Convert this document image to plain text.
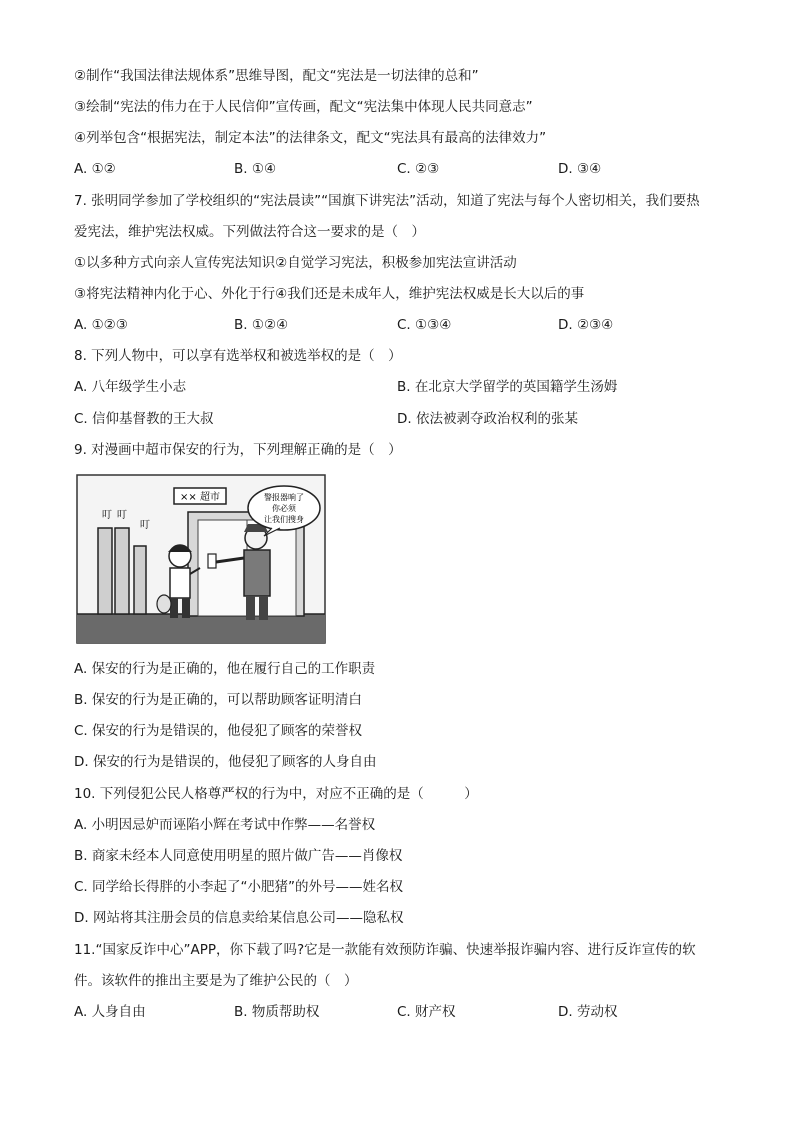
②制作“我国法律法规体系”思维导图，配文“宪法是一切法律的总和”
③绘制“宪法的伟力在于人民信仰”宣传画，配文“宪法集中体现人民共同意志”
④列举包含“根据宪法，制定本法”的法律条文，配文“宪法具有最高的法律效力”
A. ①②	B. ①④	C. ②③	D. ③④
7. 张明同学参加了学校组织的“宪法晨读”“国旗下讲宪法”活动，知道了宪法与每个人密切相关，我们要热
爱宪法，维护宪法权威。下列做法符合这一要求的是（　）
①以多种方式向亲人宣传宪法知识②自觉学习宪法，积极参加宪法宣讲活动
③将宪法精神内化于心、外化于行④我们还是未成年人，维护宪法权威是长大以后的事
A. ①②③	B. ①②④	C. ①③④	D. ②③④
8. 下列人物中，可以享有选举权和被选举权的是（　）
A. 八年级学生小志	B. 在北京大学留学的英国籍学生汤姆
C. 信仰基督教的王大叔	D. 依法被剥夺政治权利的张某
9. 对漫画中超市保安的行为，下列理解正确的是（　）
×× 超市
叮 叮
叮
警报器响了
你必须
让我们搜身
A. 保安的行为是正确的，他在履行自己的工作职责
B. 保安的行为是正确的，可以帮助顾客证明清白
C. 保安的行为是错误的，他侵犯了顾客的荣誉权
D. 保安的行为是错误的，他侵犯了顾客的人身自由
10. 下列侵犯公民人格尊严权的行为中，对应不正确的是（　　　）
A. 小明因忌妒而诬陷小辉在考试中作弊——名誉权
B. 商家未经本人同意使用明星的照片做广告——肖像权
C. 同学给长得胖的小李起了“小肥猪”的外号——姓名权
D. 网站将其注册会员的信息卖给某信息公司——隐私权
11.“国家反诈中心”APP，你下载了吗?它是一款能有效预防诈骗、快速举报诈骗内容、进行反诈宣传的软
件。该软件的推出主要是为了维护公民的（　）
A. 人身自由	B. 物质帮助权	C. 财产权	D. 劳动权
